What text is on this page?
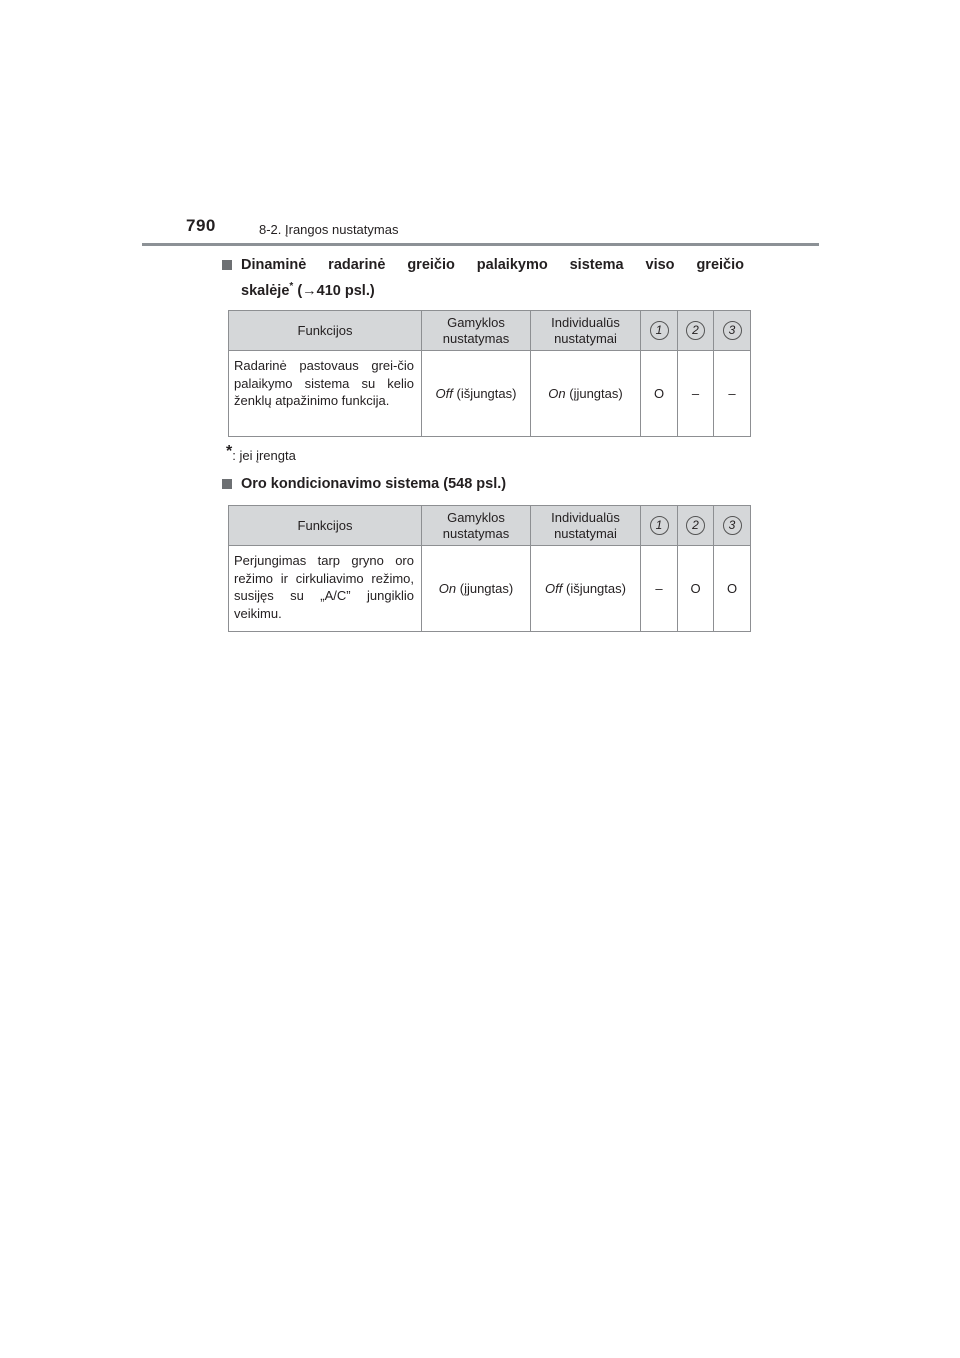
790	8-2. Įrangos nustatymas
Dinaminė radarinė greičio palaikymo sistema viso greičio
skalėje* (→410 psl.)
Funkcijos	Gamyklos nustatymas	Individualūs nustatymai	1	2	3
Radarinė pastovaus grei-čio palaikymo sistema su kelio ženklų atpažinimo funkcija.	Off (išjungtas)	On (įjungtas)	O	–	–
*: jei įrengta
Oro kondicionavimo sistema (548 psl.)
Funkcijos	Gamyklos nustatymas	Individualūs nustatymai	1	2	3
Perjungimas tarp gryno oro režimo ir cirkuliavimo režimo, susijęs su „A/C” jungiklio veikimu.	On (įjungtas)	Off (išjungtas)	–	O	O
